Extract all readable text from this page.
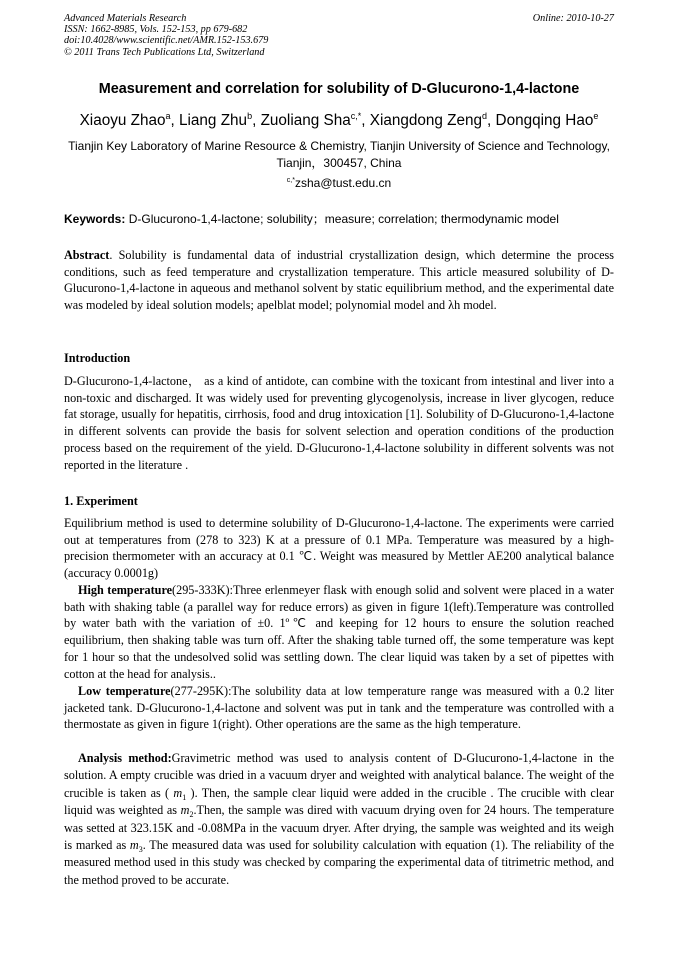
Advanced Materials Research
ISSN: 1662-8985, Vols. 152-153, pp 679-682
doi:10.4028/www.scientific.net/AMR.152-153.679
© 2011 Trans Tech Publications Ltd, Switzerland
Online: 2010-10-27
Measurement and correlation for solubility of D-Glucurono-1,4-lactone
Xiaoyu Zhao$^a$, Liang Zhu$^b$, Zuoliang Sha$^{c,*}$, Xiangdong Zeng$^d$, Dongqing Hao$^e$
Tianjin Key Laboratory of Marine Resource & Chemistry, Tianjin University of Science and Technology, Tianjin，300457, China
$^{c,*}$zsha@tust.edu.cn
Keywords: D-Glucurono-1,4-lactone; solubility；measure; correlation; thermodynamic model
Abstract. Solubility is fundamental data of industrial crystallization design, which determine the process conditions, such as feed temperature and crystallization temperature. This article measured solubility of D-Glucurono-1,4-lactone in aqueous and methanol solvent by static equilibrium method, and the experimental date was modeled by ideal solution models; apelblat model; polynomial model and λh model.
Introduction
D-Glucurono-1,4-lactone， as a kind of antidote, can combine with the toxicant from intestinal and liver into a non-toxic and discharged. It was widely used for preventing glycogenolysis, increase in liver glycogen, reduce fat storage, usually for hepatitis, cirrhosis, food and drug intoxication [1]. Solubility of D-Glucurono-1,4-lactone in different solvents can provide the basis for solvent selection and operation conditions of the production process based on the requirement of the yield. D-Glucurono-1,4-lactone solubility in different solvents was not reported in the literature .
1. Experiment
Equilibrium method is used to determine solubility of D-Glucurono-1,4-lactone. The experiments were carried out at temperatures from (278 to 323) K at a pressure of 0.1 MPa. Temperature was measured by a high-precision thermometer with an accuracy at 0.1 ℃. Weight was measured by Mettler AE200 analytical balance (accuracy 0.0001g)
High temperature(295-333K):Three erlenmeyer flask with enough solid and solvent were placed in a water bath with shaking table (a parallel way for reduce errors) as given in figure 1(left).Temperature was controlled by water bath with the variation of ±0. 1º℃ and keeping for 12 hours to ensure the solution reached equilibrium, then shaking table was turn off. After the shaking table turned off, the some temperature was kept for 1 hour so that the undesolved solid was settling down. The clear liquid was taken by a set of pipettes with cotton at the head for analysis..
Low temperature(277-295K):The solubility data at low temperature range was measured with a 0.2 liter jacketed tank. D-Glucurono-1,4-lactone and solvent was put in tank and the temperature was controlled with a thermostate as given in figure 1(right). Other operations are the same as the high temperature.
Analysis method:Gravimetric method was used to analysis content of D-Glucurono-1,4-lactone in the solution. A empty crucible was dried in a vacuum dryer and weighted with analytical balance. The weight of the crucible is taken as ( $m_1$ ). Then, the sample clear liquid were added in the crucible . The crucible with clear liquid was weighted as $m_2.Then$, the sample was dired with vacuum drying oven for 24 hours. The temperature was setted at 323.15K and -0.08MPa in the vacuum dryer. After drying, the sample was weighted and its weigh is marked as $m_3$. The measured data was used for solubility calculation with equation (1). The reliability of the measured method used in this study was checked by comparing the experimental data of titrimetric method, and the method proved to be accurate.
